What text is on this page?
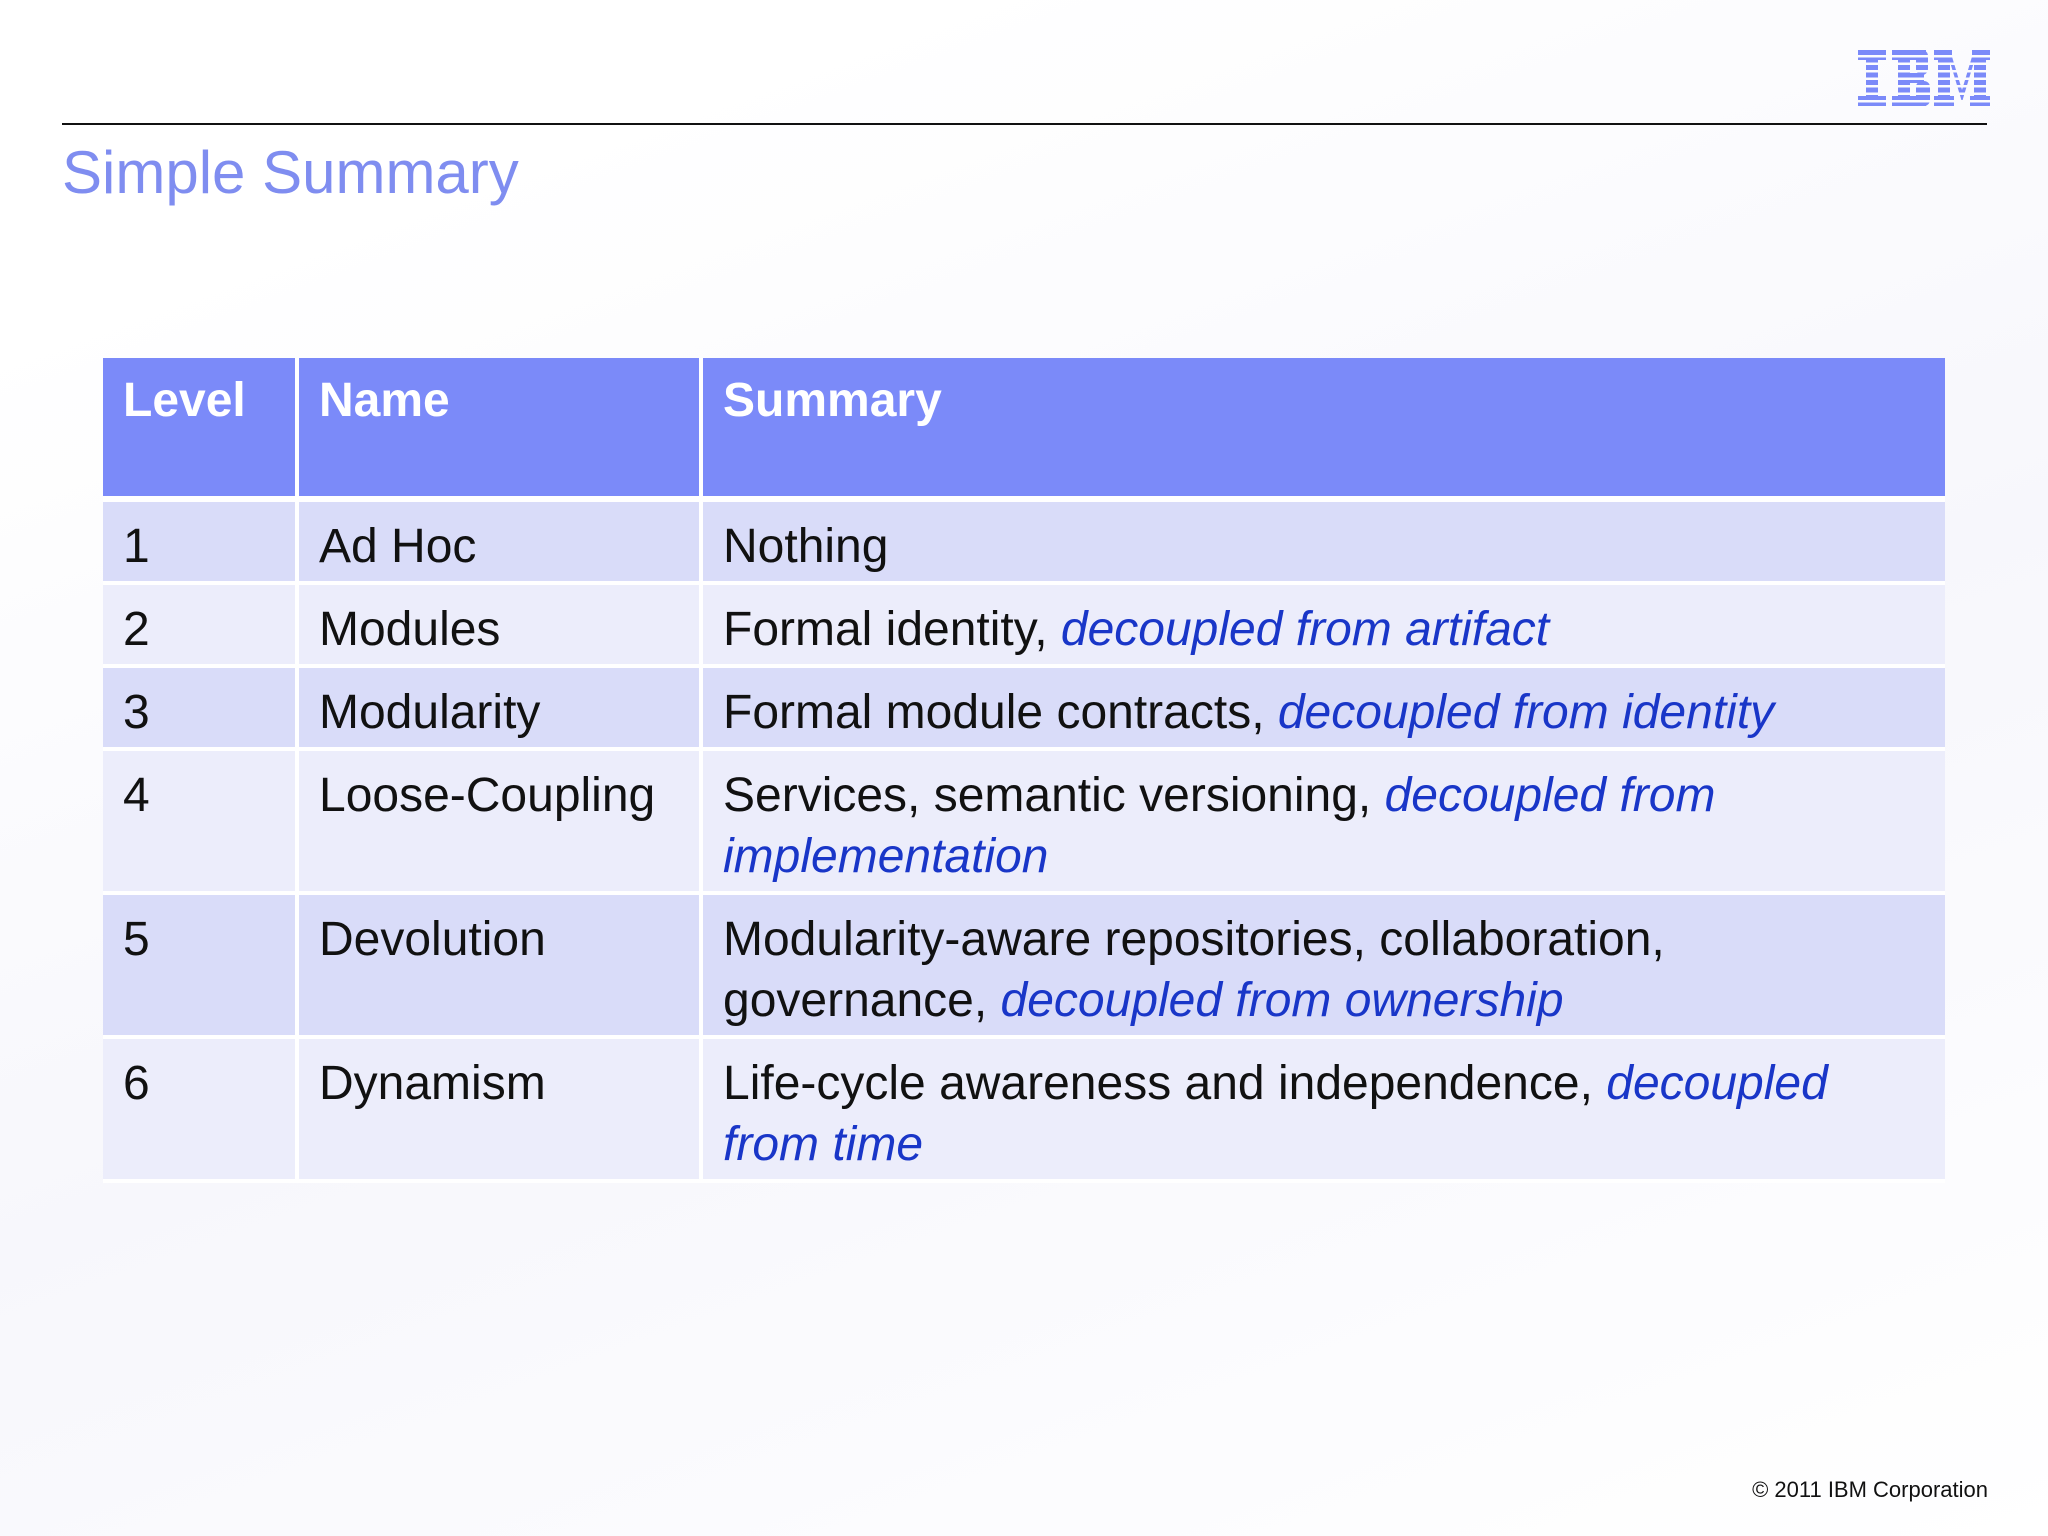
Simple Summary
Level	Name	Summary
1	Ad Hoc	Nothing
2	Modules	Formal identity, decoupled from artifact
3	Modularity	Formal module contracts, decoupled from identity
4	Loose-Coupling	Services, semantic versioning, decoupled from implementation
5	Devolution	Modularity-aware repositories, collaboration, governance, decoupled from ownership
6	Dynamism	Life-cycle awareness and independence, decoupled from time
© 2011 IBM Corporation
